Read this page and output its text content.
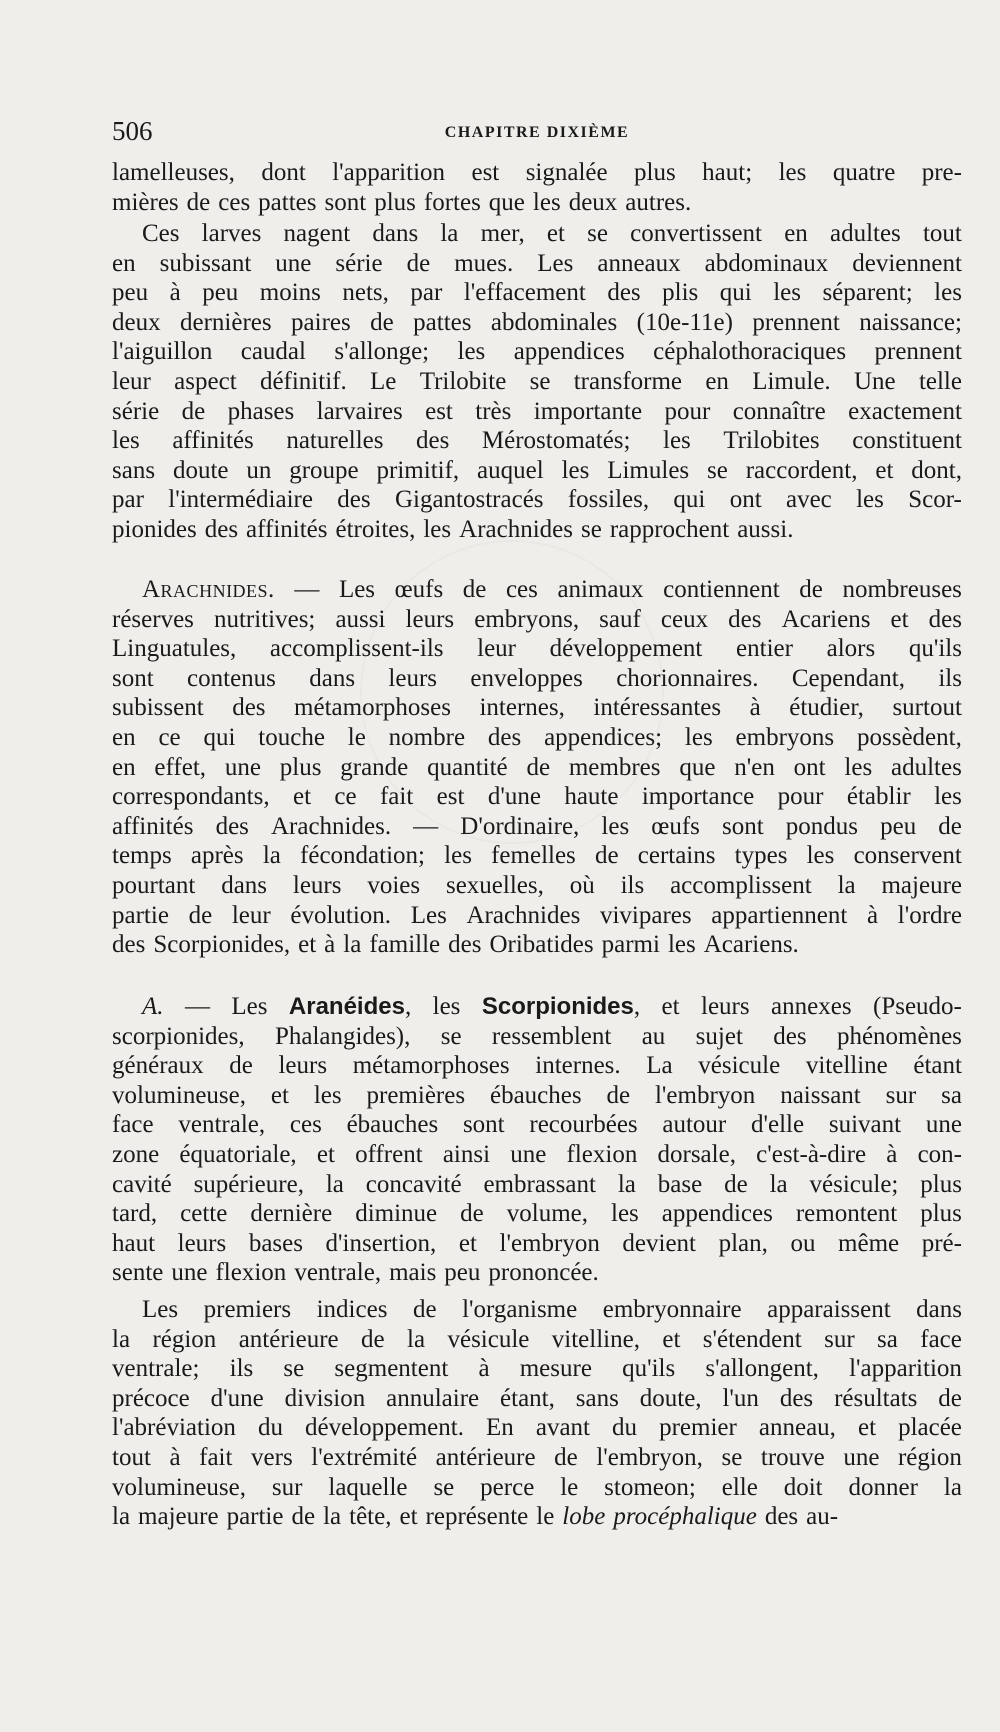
506	CHAPITRE DIXIÈME
lamelleuses, dont l'apparition est signalée plus haut; les quatre pre-
mières de ces pattes sont plus fortes que les deux autres.
Ces larves nagent dans la mer, et se convertissent en adultes tout
en subissant une série de mues. Les anneaux abdominaux deviennent
peu à peu moins nets, par l'effacement des plis qui les séparent; les
deux dernières paires de pattes abdominales (10e-11e) prennent naissance;
l'aiguillon caudal s'allonge; les appendices céphalothoraciques prennent
leur aspect définitif. Le Trilobite se transforme en Limule. Une telle
série de phases larvaires est très importante pour connaître exactement
les affinités naturelles des Mérostomatés; les Trilobites constituent
sans doute un groupe primitif, auquel les Limules se raccordent, et dont,
par l'intermédiaire des Gigantostracés fossiles, qui ont avec les Scor-
pionides des affinités étroites, les Arachnides se rapprochent aussi.
Arachnides. — Les œufs de ces animaux contiennent de nombreuses
réserves nutritives; aussi leurs embryons, sauf ceux des Acariens et des
Linguatules, accomplissent-ils leur développement entier alors qu'ils
sont contenus dans leurs enveloppes chorionnaires. Cependant, ils
subissent des métamorphoses internes, intéressantes à étudier, surtout
en ce qui touche le nombre des appendices; les embryons possèdent,
en effet, une plus grande quantité de membres que n'en ont les adultes
correspondants, et ce fait est d'une haute importance pour établir les
affinités des Arachnides. — D'ordinaire, les œufs sont pondus peu de
temps après la fécondation; les femelles de certains types les conservent
pourtant dans leurs voies sexuelles, où ils accomplissent la majeure
partie de leur évolution. Les Arachnides vivipares appartiennent à l'ordre
des Scorpionides, et à la famille des Oribatides parmi les Acariens.
A. — Les Aranéides, les Scorpionides, et leurs annexes (Pseudo-
scorpionides, Phalangides), se ressemblent au sujet des phénomènes
généraux de leurs métamorphoses internes. La vésicule vitelline étant
volumineuse, et les premières ébauches de l'embryon naissant sur sa
face ventrale, ces ébauches sont recourbées autour d'elle suivant une
zone équatoriale, et offrent ainsi une flexion dorsale, c'est-à-dire à con-
cavité supérieure, la concavité embrassant la base de la vésicule; plus
tard, cette dernière diminue de volume, les appendices remontent plus
haut leurs bases d'insertion, et l'embryon devient plan, ou même pré-
sente une flexion ventrale, mais peu prononcée.
Les premiers indices de l'organisme embryonnaire apparaissent dans
la région antérieure de la vésicule vitelline, et s'étendent sur sa face
ventrale; ils se segmentent à mesure qu'ils s'allongent, l'apparition
précoce d'une division annulaire étant, sans doute, l'un des résultats de
l'abréviation du développement. En avant du premier anneau, et placée
tout à fait vers l'extrémité antérieure de l'embryon, se trouve une région
volumineuse, sur laquelle se perce le stomeon; elle doit donner la
la majeure partie de la tête, et représente le lobe procéphalique des au-
